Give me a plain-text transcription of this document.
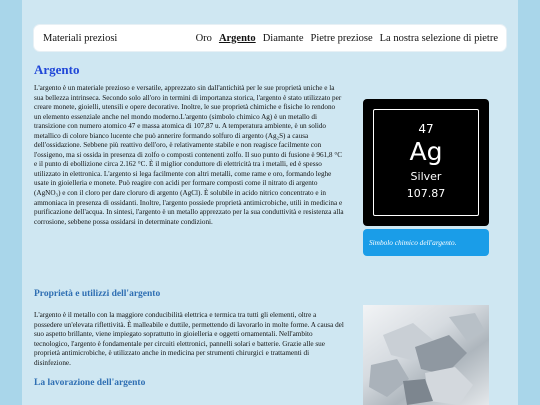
Materiali preziosi	Oro Argento Diamante Pietre preziose La nostra selezione di pietre
Argento

L'argento è un materiale prezioso e versatile, apprezzato sin dall'antichità per le sue proprietà uniche e la sua bellezza intrinseca. Secondo solo all'oro in termini di importanza storica, l'argento è stato utilizzato per creare monete, gioielli, utensili e opere decorative. Inoltre, le sue proprietà chimiche e fisiche lo rendono un elemento essenziale anche nel mondo moderno.L'argento (simbolo chimico Ag) è un metallo di transizione con numero atomico 47 e massa atomica di 107,87 u. A temperatura ambiente, è un solido metallico di colore bianco lucente che può annerire formando solfuro di argento (Ag₂S) a causa dell'ossidazione. Sebbene più reattivo dell'oro, è relativamente stabile e non reagisce facilmente con l'ossigeno, ma si ossida in presenza di zolfo o composti contenenti zolfo. Il suo punto di fusione è 961,8 °C e il punto di ebollizione circa 2.162 °C. È il miglior conduttore di elettricità tra i metalli, ed è spesso utilizzato in elettronica. L'argento si lega facilmente con altri metalli, come rame e oro, formando leghe usate in gioielleria e monete. Può reagire con acidi per formare composti come il nitrato di argento (AgNO₃) e con il cloro per dare cloruro di argento (AgCl). È solubile in acido nitrico concentrato e in ammoniaca in presenza di ossidanti. Inoltre, l'argento possiede proprietà antimicrobiche, utili in medicina e purificazione dell'acqua. In sintesi, l'argento è un metallo apprezzato per la sua conduttività e resistenza alla corrosione, sebbene possa ossidarsi in determinate condizioni.

Proprietà e utilizzi dell'argento

L'argento è il metallo con la maggiore conducibilità elettrica e termica tra tutti gli elementi, oltre a possedere un'elevata riflettività. È malleabile e duttile, permettendo di lavorarlo in molte forme. A causa del suo aspetto brillante, viene impiegato soprattutto in gioielleria e oggetti ornamentali. Nell'ambito tecnologico, l'argento è fondamentale per circuiti elettronici, pannelli solari e batterie. Grazie alle sue proprietà antimicrobiche, è utilizzato anche in medicina per strumenti chirurgici e trattamenti di disinfezione.

La lavorazione dell'argento
47
Ag
Silver
107.87
Simbolo chimico dell'argento.
